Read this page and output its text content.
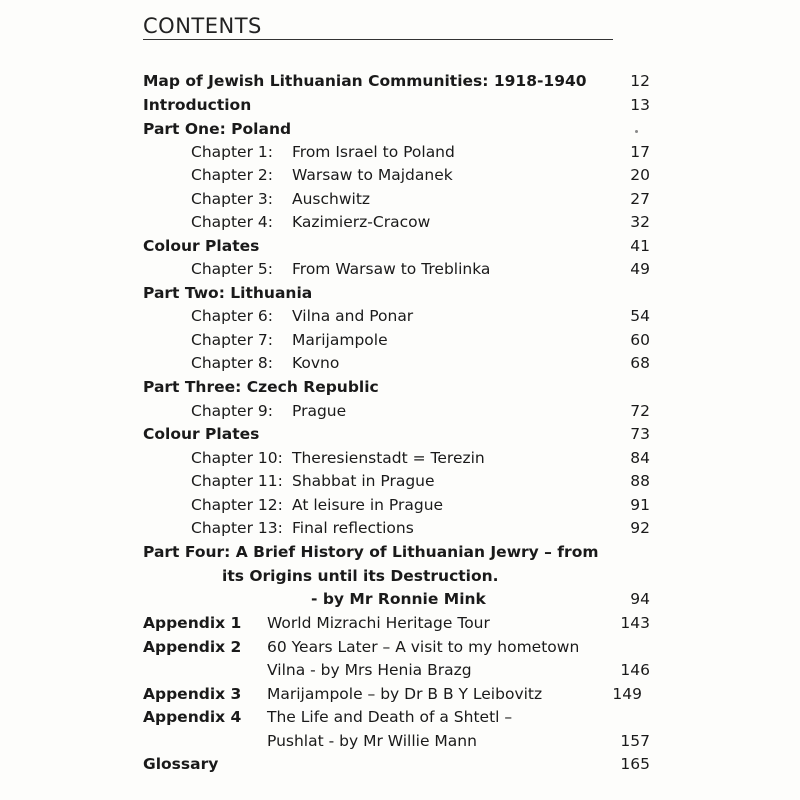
CONTENTS
Map of Jewish Lithuanian Communities: 1918-1940	12
Introduction	13
Part One: Poland
Chapter 1: From Israel to Poland	17
Chapter 2: Warsaw to Majdanek	20
Chapter 3: Auschwitz	27
Chapter 4: Kazimierz-Cracow	32
Colour Plates	41
Chapter 5: From Warsaw to Treblinka	49
Part Two: Lithuania
Chapter 6: Vilna and Ponar	54
Chapter 7: Marijampole	60
Chapter 8: Kovno	68
Part Three: Czech Republic
Chapter 9: Prague	72
Colour Plates	73
Chapter 10: Theresienstadt = Terezin	84
Chapter 11: Shabbat in Prague	88
Chapter 12: At leisure in Prague	91
Chapter 13: Final reflections	92
Part Four: A Brief History of Lithuanian Jewry – from
its Origins until its Destruction.
- by Mr Ronnie Mink	94
Appendix 1 World Mizrachi Heritage Tour	143
Appendix 2 60 Years Later – A visit to my hometown
Vilna - by Mrs Henia Brazg	146
Appendix 3 Marijampole – by Dr B B Y Leibovitz	149
Appendix 4 The Life and Death of a Shtetl –
Pushlat - by Mr Willie Mann	157
Glossary	165
